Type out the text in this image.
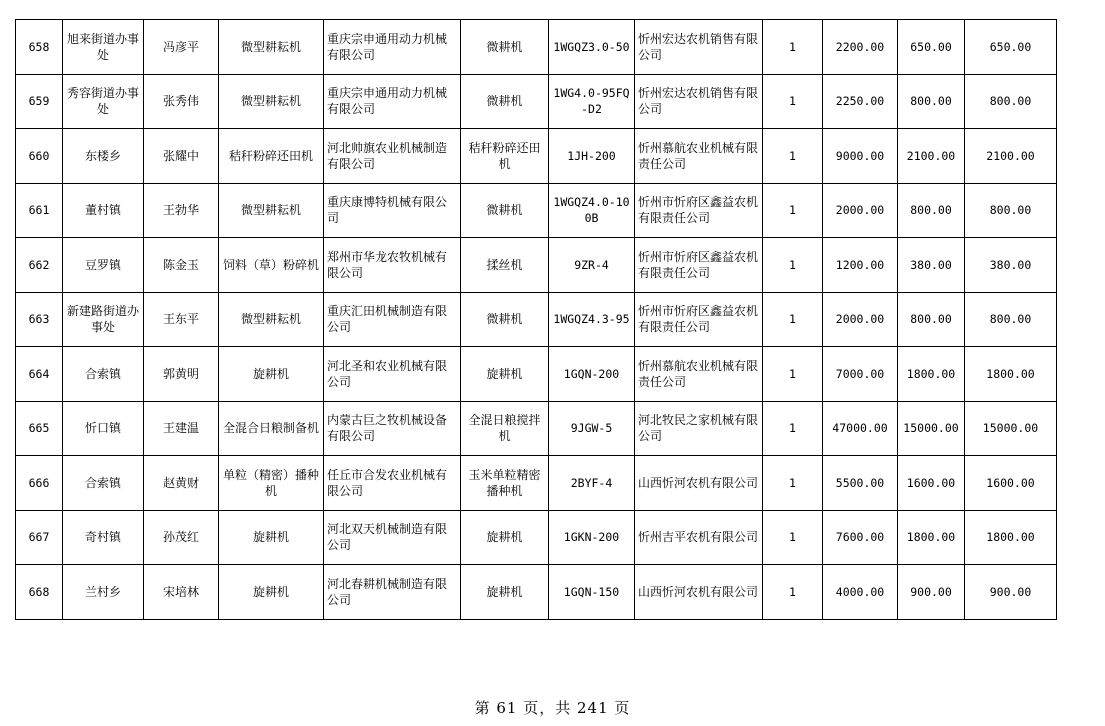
658	旭来街道办事处	冯彦平	微型耕耘机	重庆宗申通用动力机械有限公司	微耕机	1WGQZ3.0-50	忻州宏达农机销售有限公司	1	2200.00	650.00	650.00
659	秀容街道办事处	张秀伟	微型耕耘机	重庆宗申通用动力机械有限公司	微耕机	1WG4.0-95FQ-D2	忻州宏达农机销售有限公司	1	2250.00	800.00	800.00
660	东楼乡	张耀中	秸秆粉碎还田机	河北帅旗农业机械制造有限公司	秸秆粉碎还田机	1JH-200	忻州慕航农业机械有限责任公司	1	9000.00	2100.00	2100.00
661	董村镇	王勃华	微型耕耘机	重庆康博特机械有限公司	微耕机	1WGQZ4.0-100B	忻州市忻府区鑫益农机有限责任公司	1	2000.00	800.00	800.00
662	豆罗镇	陈金玉	饲料（草）粉碎机	郑州市华龙农牧机械有限公司	揉丝机	9ZR-4	忻州市忻府区鑫益农机有限责任公司	1	1200.00	380.00	380.00
663	新建路街道办事处	王东平	微型耕耘机	重庆汇田机械制造有限公司	微耕机	1WGQZ4.3-95	忻州市忻府区鑫益农机有限责任公司	1	2000.00	800.00	800.00
664	合索镇	郭黄明	旋耕机	河北圣和农业机械有限公司	旋耕机	1GQN-200	忻州慕航农业机械有限责任公司	1	7000.00	1800.00	1800.00
665	忻口镇	王建温	全混合日粮制备机	内蒙古巨之牧机械设备有限公司	全混日粮搅拌机	9JGW-5	河北牧民之家机械有限公司	1	47000.00	15000.00	15000.00
666	合索镇	赵黄财	单粒（精密）播种机	任丘市合发农业机械有限公司	玉米单粒精密播种机	2BYF-4	山西忻河农机有限公司	1	5500.00	1600.00	1600.00
667	奇村镇	孙茂红	旋耕机	河北双天机械制造有限公司	旋耕机	1GKN-200	忻州吉平农机有限公司	1	7600.00	1800.00	1800.00
668	兰村乡	宋培林	旋耕机	河北春耕机械制造有限公司	旋耕机	1GQN-150	山西忻河农机有限公司	1	4000.00	900.00	900.00
第 61 页，共 241 页
